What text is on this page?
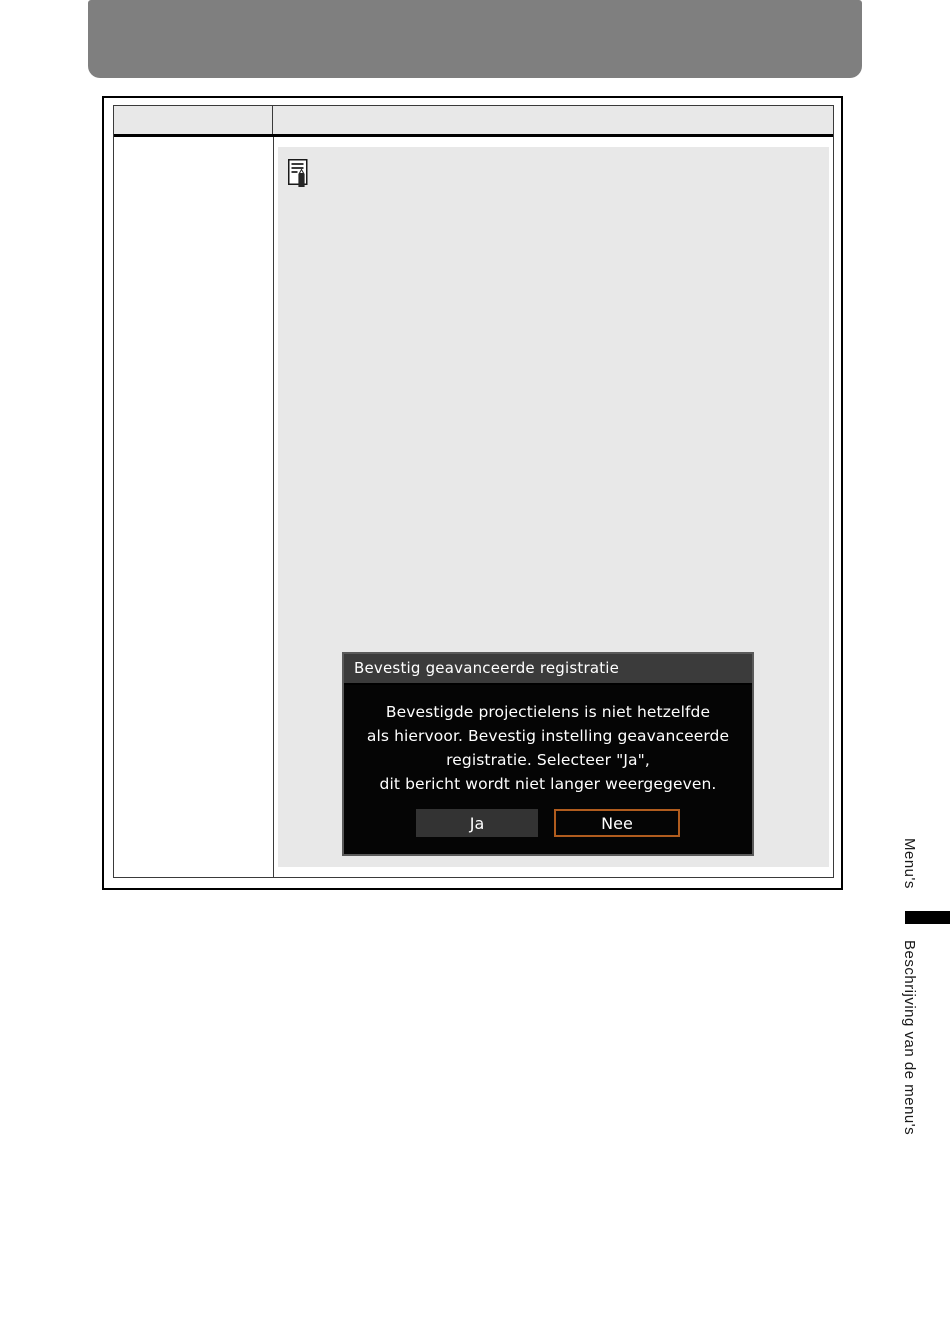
Bevestig geavanceerde registratie
Bevestigde projectielens is niet hetzelfde
als hiervoor. Bevestig instelling geavanceerde
registratie. Selecteer "Ja",
dit bericht wordt niet langer weergegeven.
Ja	Nee
Menu's
Beschrijving van de menu's
